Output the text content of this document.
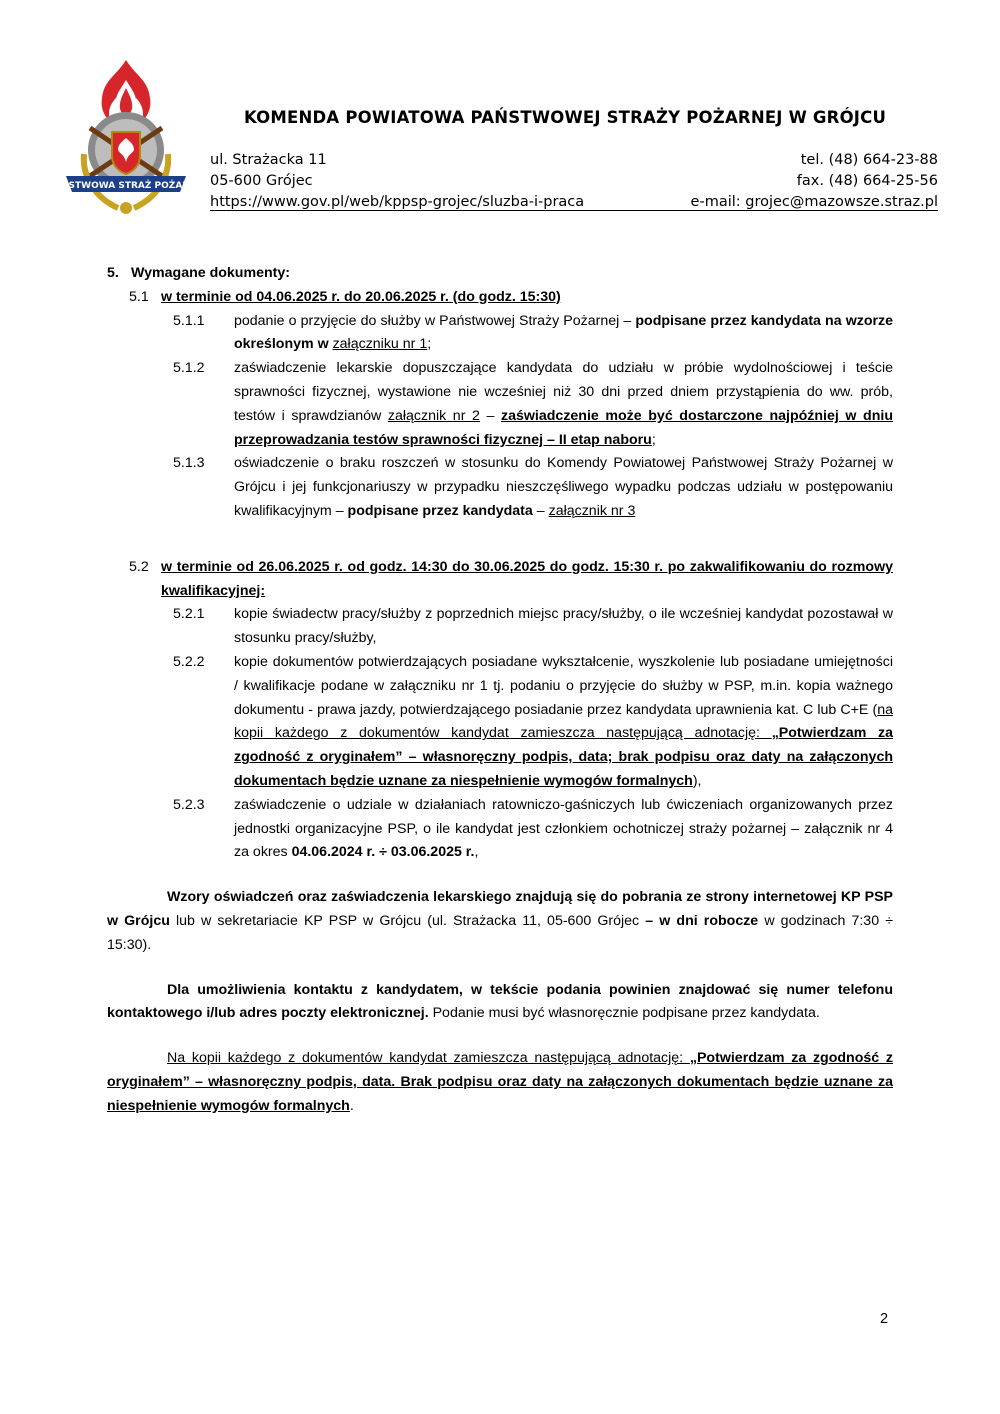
PAŃSTWOWA STRAŻ POŻARNA
KOMENDA POWIATOWA PAŃSTWOWEJ STRAŻY POŻARNEJ W GRÓJCU
ul. Strażacka 11
05-600 Grójec
https://www.gov.pl/web/kppsp-grojec/sluzba-i-praca
tel. (48) 664-23-88
fax. (48) 664-25-56
e-mail: grojec@mazowsze.straz.pl

5. Wymagane dokumenty:

5.1 w terminie od 04.06.2025 r. do 20.06.2025 r. (do godz. 15:30)

5.1.1 podanie o przyjęcie do służby w Państwowej Straży Pożarnej – podpisane przez kandydata na wzorze określonym w załączniku nr 1;

5.1.2 zaświadczenie lekarskie dopuszczające kandydata do udziału w próbie wydolnościowej i teście sprawności fizycznej, wystawione nie wcześniej niż 30 dni przed dniem przystąpienia do ww. prób, testów i sprawdzianów załącznik nr 2 – zaświadczenie może być dostarczone najpóźniej w dniu przeprowadzania testów sprawności fizycznej – II etap naboru;

5.1.3 oświadczenie o braku roszczeń w stosunku do Komendy Powiatowej Państwowej Straży Pożarnej w Grójcu i jej funkcjonariuszy w przypadku nieszczęśliwego wypadku podczas udziału w postępowaniu kwalifikacyjnym – podpisane przez kandydata – załącznik nr 3

5.2 w terminie od 26.06.2025 r. od godz. 14:30 do 30.06.2025 do godz. 15:30 r. po zakwalifikowaniu do rozmowy kwalifikacyjnej:

5.2.1 kopie świadectw pracy/służby z poprzednich miejsc pracy/służby, o ile wcześniej kandydat pozostawał w stosunku pracy/służby,

5.2.2 kopie dokumentów potwierdzających posiadane wykształcenie, wyszkolenie lub posiadane umiejętności / kwalifikacje podane w załączniku nr 1 tj. podaniu o przyjęcie do służby w PSP, m.in. kopia ważnego dokumentu - prawa jazdy, potwierdzającego posiadanie przez kandydata uprawnienia kat. C lub C+E (na kopii każdego z dokumentów kandydat zamieszcza następującą adnotację: „Potwierdzam za zgodność z oryginałem” – własnoręczny podpis, data; brak podpisu oraz daty na załączonych dokumentach będzie uznane za niespełnienie wymogów formalnych),

5.2.3 zaświadczenie o udziale w działaniach ratowniczo-gaśniczych lub ćwiczeniach organizowanych przez jednostki organizacyjne PSP, o ile kandydat jest członkiem ochotniczej straży pożarnej – załącznik nr 4 za okres 04.06.2024 r. ÷ 03.06.2025 r.,

Wzory oświadczeń oraz zaświadczenia lekarskiego znajdują się do pobrania ze strony internetowej KP PSP w Grójcu lub w sekretariacie KP PSP w Grójcu (ul. Strażacka 11, 05-600 Grójec – w dni robocze w godzinach 7:30 ÷ 15:30).

Dla umożliwienia kontaktu z kandydatem, w tekście podania powinien znajdować się numer telefonu kontaktowego i/lub adres poczty elektronicznej. Podanie musi być własnoręcznie podpisane przez kandydata.

Na kopii każdego z dokumentów kandydat zamieszcza następującą adnotację: „Potwierdzam za zgodność z oryginałem” – własnoręczny podpis, data. Brak podpisu oraz daty na załączonych dokumentach będzie uznane za niespełnienie wymogów formalnych.

2
